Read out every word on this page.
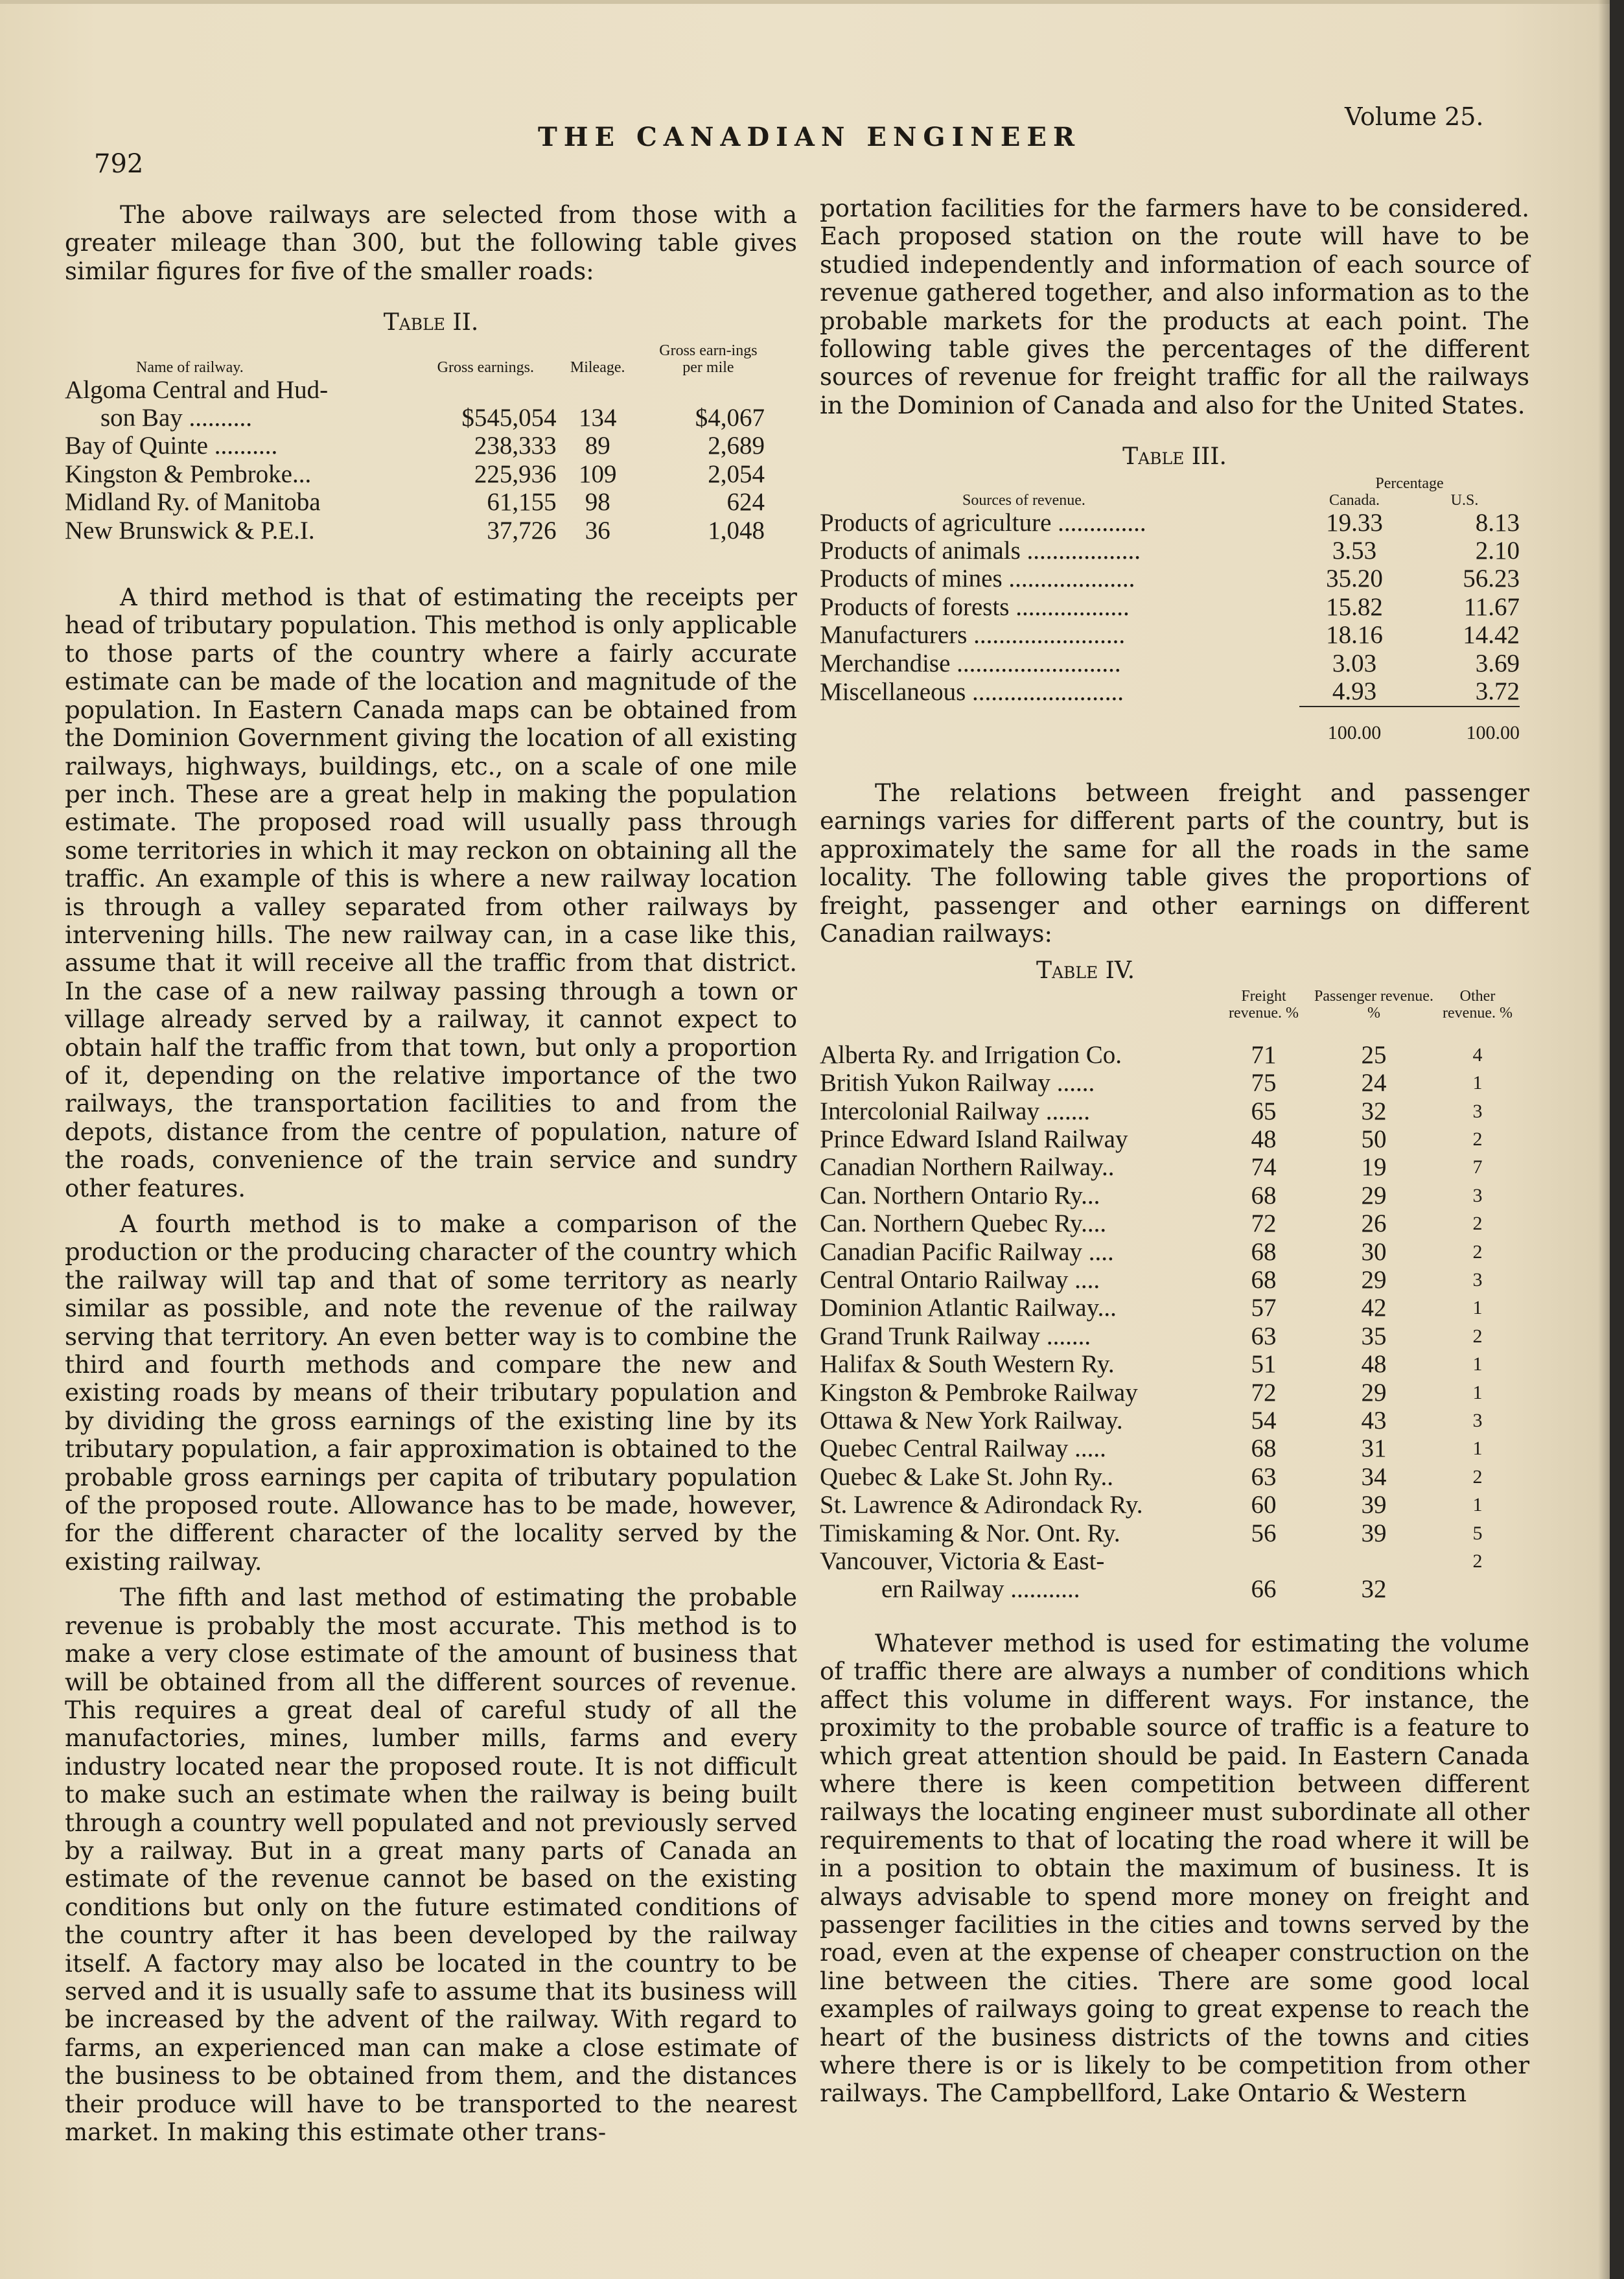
792
THE CANADIAN ENGINEER
Volume 25.

The above railways are selected from those with a greater mileage than 300, but the following table gives similar figures for five of the smaller roads:

Table II.

Name of railway.	Gross earnings.	Mileage.	Gross earn-ings per mile
Algoma Central and Hud-			
son Bay ..........	$545,054	134	$4,067
Bay of Quinte ..........	238,333	89	2,689
Kingston & Pembroke...	225,936	109	2,054
Midland Ry. of Manitoba	61,155	98	624
New Brunswick & P.E.I.	37,726	36	1,048

A third method is that of estimating the receipts per head of tributary population. This method is only applicable to those parts of the country where a fairly accurate estimate can be made of the location and magnitude of the population. In Eastern Canada maps can be obtained from the Dominion Government giving the location of all existing railways, highways, buildings, etc., on a scale of one mile per inch. These are a great help in making the population estimate. The proposed road will usually pass through some territories in which it may reckon on obtaining all the traffic. An example of this is where a new railway location is through a valley separated from other railways by intervening hills. The new railway can, in a case like this, assume that it will receive all the traffic from that district. In the case of a new railway passing through a town or village already served by a railway, it cannot expect to obtain half the traffic from that town, but only a proportion of it, depending on the relative importance of the two railways, the transportation facilities to and from the depots, distance from the centre of population, nature of the roads, convenience of the train service and sundry other features.

A fourth method is to make a comparison of the production or the producing character of the country which the railway will tap and that of some territory as nearly similar as possible, and note the revenue of the railway serving that territory. An even better way is to combine the third and fourth methods and compare the new and existing roads by means of their tributary population and by dividing the gross earnings of the existing line by its tributary population, a fair approximation is obtained to the probable gross earnings per capita of tributary population of the proposed route. Allowance has to be made, however, for the different character of the locality served by the existing railway.

The fifth and last method of estimating the probable revenue is probably the most accurate. This method is to make a very close estimate of the amount of business that will be obtained from all the different sources of revenue. This requires a great deal of careful study of all the manufactories, mines, lumber mills, farms and every industry located near the proposed route. It is not difficult to make such an estimate when the railway is being built through a country well populated and not previously served by a railway. But in a great many parts of Canada an estimate of the revenue cannot be based on the existing conditions but only on the future estimated conditions of the country after it has been developed by the railway itself. A factory may also be located in the country to be served and it is usually safe to assume that its business will be increased by the advent of the railway. With regard to farms, an experienced man can make a close estimate of the business to be obtained from them, and the distances their produce will have to be transported to the nearest market. In making this estimate other trans-

portation facilities for the farmers have to be considered. Each proposed station on the route will have to be studied independently and information of each source of revenue gathered together, and also information as to the probable markets for the products at each point. The following table gives the percentages of the different sources of revenue for freight traffic for all the railways in the Dominion of Canada and also for the United States.

Table III.

	Percentage	
Sources of revenue.	Canada.	U.S.
Products of agriculture ..............	19.33	8.13
Products of animals ..................	3.53	2.10
Products of mines ....................	35.20	56.23
Products of forests ..................	15.82	11.67
Manufacturers ........................	18.16	14.42
Merchandise ..........................	3.03	3.69
Miscellaneous ........................	4.93	3.72

	100.00	100.00

The relations between freight and passenger earnings varies for different parts of the country, but is approximately the same for all the roads in the same locality. The following table gives the proportions of freight, passenger and other earnings on different Canadian railways:

Table IV.

	Freight revenue. %	Passenger revenue. %	Other revenue. %

Alberta Ry. and Irrigation Co.	71	25	4
British Yukon Railway ......	75	24	1
Intercolonial Railway .......	65	32	3
Prince Edward Island Railway	48	50	2
Canadian Northern Railway..	74	19	7
Can. Northern Ontario Ry...	68	29	3
Can. Northern Quebec Ry....	72	26	2
Canadian Pacific Railway ....	68	30	2
Central Ontario Railway ....	68	29	3
Dominion Atlantic Railway...	57	42	1
Grand Trunk Railway .......	63	35	2
Halifax & South Western Ry.	51	48	1
Kingston & Pembroke Railway	72	29	1
Ottawa & New York Railway.	54	43	3
Quebec Central Railway .....	68	31	1
Quebec & Lake St. John Ry..	63	34	2
St. Lawrence & Adirondack Ry.	60	39	1
Timiskaming & Nor. Ont. Ry.	56	39	5
Vancouver, Victoria & East-			2
ern Railway ...........	66	32	

Whatever method is used for estimating the volume of traffic there are always a number of conditions which affect this volume in different ways. For instance, the proximity to the probable source of traffic is a feature to which great attention should be paid. In Eastern Canada where there is keen competition between different railways the locating engineer must subordinate all other requirements to that of locating the road where it will be in a position to obtain the maximum of business. It is always advisable to spend more money on freight and passenger facilities in the cities and towns served by the road, even at the expense of cheaper construction on the line between the cities. There are some good local examples of railways going to great expense to reach the heart of the business districts of the towns and cities where there is or is likely to be competition from other railways. The Campbellford, Lake Ontario & Western
